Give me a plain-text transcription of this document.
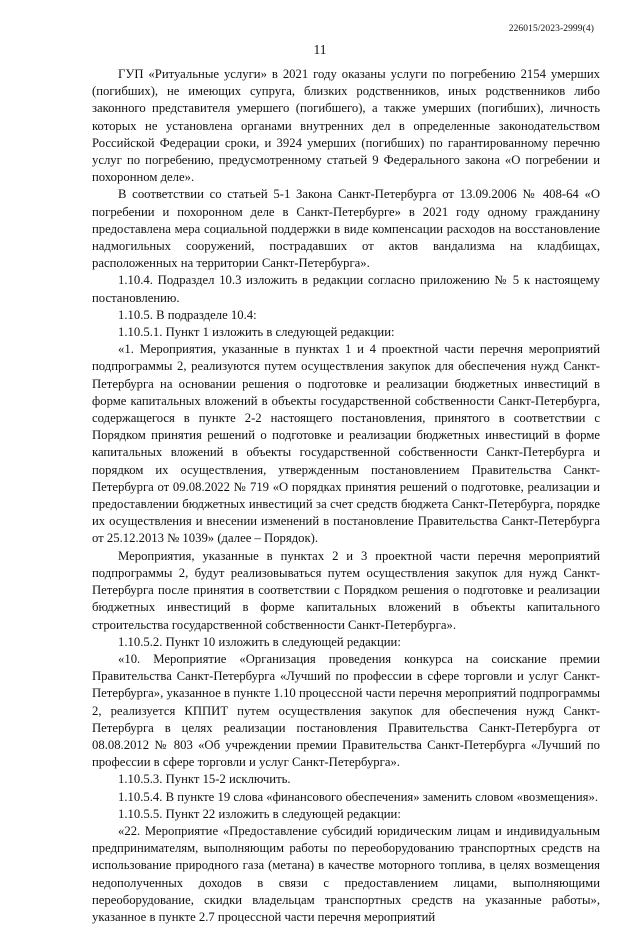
226015/2023-2999(4)
11

ГУП «Ритуальные услуги» в 2021 году оказаны услуги по погребению 2154 умерших (погибших), не имеющих супруга, близких родственников, иных родственников либо законного представителя умершего (погибшего), а также умерших (погибших), личность которых не установлена органами внутренних дел в определенные законодательством Российской Федерации сроки, и 3924 умерших (погибших) по гарантированному перечню услуг по погребению, предусмотренному статьей 9 Федерального закона «О погребении и похоронном деле».

В соответствии со статьей 5-1 Закона Санкт-Петербурга от 13.09.2006 № 408-64 «О погребении и похоронном деле в Санкт-Петербурге» в 2021 году одному гражданину предоставлена мера социальной поддержки в виде компенсации расходов на восстановление надмогильных сооружений, пострадавших от актов вандализма на кладбищах, расположенных на территории Санкт-Петербурга».

1.10.4. Подраздел 10.3 изложить в редакции согласно приложению № 5 к настоящему постановлению.

1.10.5. В подразделе 10.4:

1.10.5.1. Пункт 1 изложить в следующей редакции:

«1. Мероприятия, указанные в пунктах 1 и 4 проектной части перечня мероприятий подпрограммы 2, реализуются путем осуществления закупок для обеспечения нужд Санкт-Петербурга на основании решения о подготовке и реализации бюджетных инвестиций в форме капитальных вложений в объекты государственной собственности Санкт-Петербурга, содержащегося в пункте 2-2 настоящего постановления, принятого в соответствии с Порядком принятия решений о подготовке и реализации бюджетных инвестиций в форме капитальных вложений в объекты государственной собственности Санкт-Петербурга и порядком их осуществления, утвержденным постановлением Правительства Санкт-Петербурга от 09.08.2022 № 719 «О порядках принятия решений о подготовке, реализации и предоставлении бюджетных инвестиций за счет средств бюджета Санкт-Петербурга, порядке их осуществления и внесении изменений в постановление Правительства Санкт-Петербурга от 25.12.2013 № 1039» (далее – Порядок).

Мероприятия, указанные в пунктах 2 и 3 проектной части перечня мероприятий подпрограммы 2, будут реализовываться путем осуществления закупок для нужд Санкт-Петербурга после принятия в соответствии с Порядком решения о подготовке и реализации бюджетных инвестиций в форме капитальных вложений в объекты капитального строительства государственной собственности Санкт-Петербурга».

1.10.5.2. Пункт 10 изложить в следующей редакции:

«10. Мероприятие «Организация проведения конкурса на соискание премии Правительства Санкт-Петербурга «Лучший по профессии в сфере торговли и услуг Санкт-Петербурга», указанное в пункте 1.10 процессной части перечня мероприятий подпрограммы 2, реализуется КППИТ путем осуществления закупок для обеспечения нужд Санкт-Петербурга в целях реализации постановления Правительства Санкт-Петербурга от 08.08.2012 № 803 «Об учреждении премии Правительства Санкт-Петербурга «Лучший по профессии в сфере торговли и услуг Санкт-Петербурга».

1.10.5.3. Пункт 15-2 исключить.

1.10.5.4. В пункте 19 слова «финансового обеспечения» заменить словом «возмещения».

1.10.5.5. Пункт 22 изложить в следующей редакции:

«22. Мероприятие «Предоставление субсидий юридическим лицам и индивидуальным предпринимателям, выполняющим работы по переоборудованию транспортных средств на использование природного газа (метана) в качестве моторного топлива, в целях возмещения недополученных доходов в связи с предоставлением лицами, выполняющими переоборудование, скидки владельцам транспортных средств на указанные работы», указанное в пункте 2.7 процессной части перечня мероприятий
